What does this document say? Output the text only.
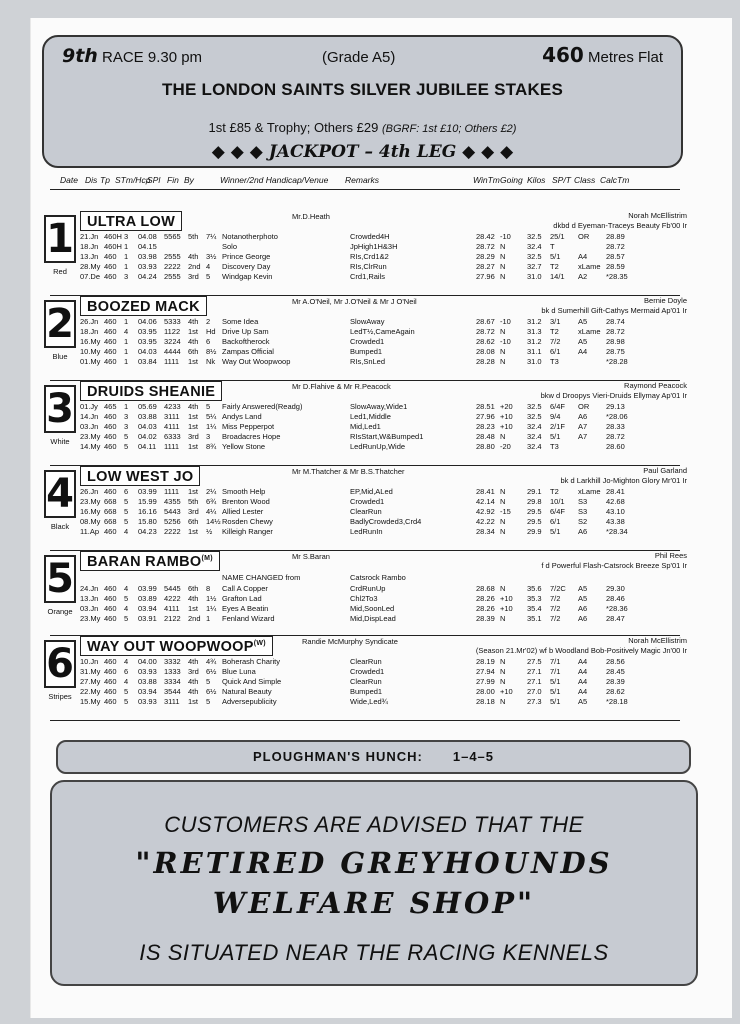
9th RACE 9.30 pm	(Grade A5)	460 Metres Flat
THE LONDON SAINTS SILVER JUBILEE STAKES
1st £85 & Trophy; Others £29 (BGRF: 1st £10; Others £2)
◆ ◆ ◆ JACKPOT – 4th LEG ◆ ◆ ◆
Date Dis Tp STm/Hcp
SPl Fin By	Winner/2nd Handicap/Venue Remarks	WinTm Going Kilos SP/T Class CalcTm
1
Red
ULTRA LOW	Mr.D.Heath	Norah McEllistrim
dkbd d Eyeman-Traceys Beauty Fb'00 Ir
21.Jn 460H 3 04.08 5565 5th 7¼ Notanotherphoto	Crowded4H	28.42 -10 32.5 25/1 OR 28.89
18.Jn 460H 1 04.15	Solo	JpHigh1H&3H	28.72 N	32.4 T	28.72
13.Jn 460 1 03.98 2555 4th 3½ Prince George	RIs,Crd1&2	28.29 N	32.5 5/1 A4	28.57
28.My 460 1 03.93 2222 2nd 4 Discovery Day	RIs,ClrRun	28.27 N	32.7 T2	xLame 28.59
07.De 460 3 04.24 2555 3rd 5 Windgap Kevin	Crd1,Rails	27.96 N	31.0 14/1 A2	*28.35
2
Blue
BOOZED MACK	Mr A.O'Neil, Mr J.O'Neil & Mr J O'Neil	Bernie Doyle
bk d Sumerhill Gift-Cathys Mermaid Ap'01 Ir
26.Jn 460 1 04.06 5333 4th 2 Some Idea	SlowAway	28.67 -10 31.2 3/1 A5	28.74
18.Jn 460 4 03.95 1122 1st Hd Drive Up Sam	LedT½,CameAgain	28.72 N	31.3 T2	xLame 28.72
16.My 460 1 03.95 3224 4th 6 Backoftherock	Crowded1	28.62 -10 31.2 7/2 A5	28.98
10.My 460 1 04.03 4444 6th 8½ Zampas Official	Bumped1	28.08 N	31.1 6/1 A4	28.75
01.My 460 1 03.84 1111 1st Nk Way Out Woopwoop	RIs,SnLed	28.28 N	31.0 T3	*28.28
3
White
DRUIDS SHEANIE	Mr D.Flahive & Mr R.Peacock	Raymond Peacock
bkw d Droopys Vieri-Druids Ellymay Ap'01 Ir
01.Jy 465 1 05.69 4233 4th 5 Fairly Answered(Readg)	SlowAway,Wide1	28.51 +20 32.5 6/4F OR 29.13
14.Jn 460 3 03.88 3111 1st 5¼ Andys Land	Led1,Middle	27.96 +10 32.5 9/4 A6	*28.06
03.Jn 460 3 04.03 4111 1st 1¼ Miss Pepperpot	Mid,Led1	28.23 +10 32.4 2/1F A7	28.33
23.My 460 5 04.02 6333 3rd 3 Broadacres Hope	RIsStart,W&Bumped1	28.48 N	32.4 5/1 A7	28.72
14.My 460 5 04.11 1111 1st 8¾ Yellow Stone	LedRunUp,Wide	28.80 -20 32.4 T3	28.60
4
Black
LOW WEST JO	Mr M.Thatcher & Mr B.S.Thatcher	Paul Garland
bk d Larkhill Jo-Mighton Glory Mr'01 Ir
26.Jn 460 6 03.99 1111 1st 2¼ Smooth Help	EP,Mid,ALed	28.41 N	29.1 T2	xLame 28.41
23.My 668 5 15.99 4355 5th 6¾ Brenton Wood	Crowded1	42.14 N	29.8 10/1 S3	42.68
16.My 668 5 16.16 5443 3rd 4¼ Allied Lester	ClearRun	42.92 -15 29.5 6/4F S3	43.10
08.My 668 5 15.80 5256 6th 14½ Rosden Chewy	BadlyCrowded3,Crd4	42.22 N	29.5 6/1 S2	43.38
11.Ap 460 4 04.23 2222 1st ½ Killeigh Ranger	LedRunIn	28.34 N	29.9 5/1 A6	*28.34
5
Orange
BARAN $RAMBO^{(M)}$	Mr S.Baran	Phil Rees
f d Powerful Flash-Catsrock Breeze Sp'01 Ir
NAME CHANGED from	Catsrock Rambo
24.Jn 460 4 03.99 5445 6th 8 Call A Copper	CrdRunUp	28.68 N	35.6 7/2C A5	29.30
13.Jn 460 5 03.89 4222 4th 1½ Grafton Lad	Chl2To3	28.26 +10 35.3 7/2 A5	28.46
03.Jn 460 4 03.94 4111 1st 1¼ Eyes A Beatin	Mid,SoonLed	28.26 +10 35.4 7/2 A6	*28.36
23.My 460 5 03.91 2122 2nd 1 Fenland Wizard	Mid,DispLead	28.39 N	35.1 7/2 A6	28.47
6
Stripes
WAY OUT $WOOPWOOP^{(W)}$	Randie McMurphy Syndicate	Norah McEllistrim
(Season 21.Mr'02) wf b Woodland Bob-Positively Magic Jn'00 Ir
10.Jn 460 4 04.00 3332 4th 4¾ Boherash Charity	ClearRun	28.19 N	27.5 7/1 A4	28.56
31.My 460 6 03.93 1333 3rd 6½ Blue Luna	Crowded1	27.94 N	27.1 7/1 A4	28.45
27.My 460 4 03.88 3334 4th 5 Quick And Simple	ClearRun	27.99 N	27.1 5/1 A4	28.39
22.My 460 5 03.94 3544 4th 6½ Natural Beauty	Bumped1	28.00 +10 27.0 5/1 A4	28.62
15.My 460 5 03.93 3111 1st 5 Adversepublicity	Wide,Led¾	28.18 N	27.3 5/1 A5	*28.18
PLOUGHMAN'S HUNCH: 1–4–5
CUSTOMERS ARE ADVISED THAT THE
"RETIRED GREYHOUNDS
WELFARE SHOP"
IS SITUATED NEAR THE RACING KENNELS
